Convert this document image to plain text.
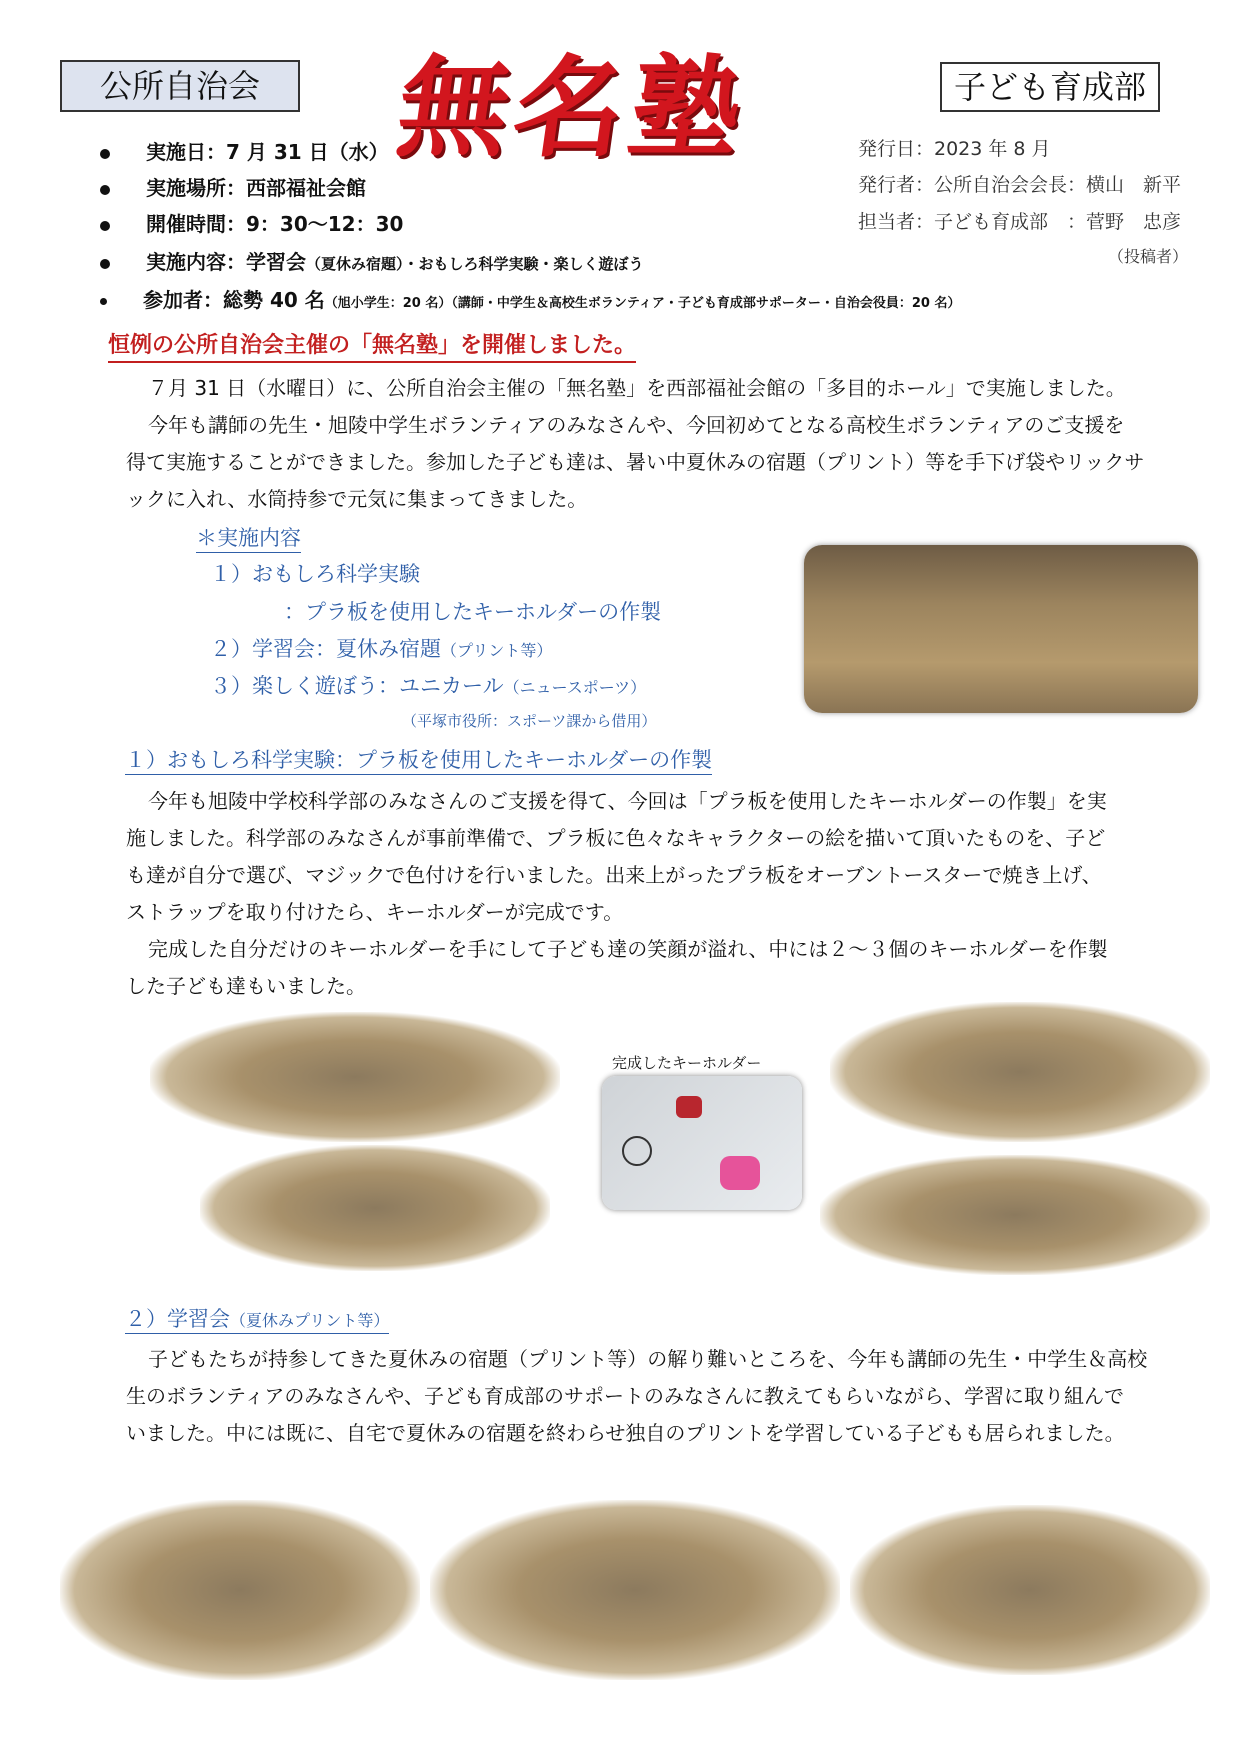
公所自治会	無名塾	子ども育成部
発行日：2023 年 8 月
発行者：公所自治会会長：横山　新平
担当者：子ども育成部　：菅野　忠彦
（投稿者）
実施日：7 月 31 日（水）
実施場所：西部福祉会館
開催時間：9：30〜12：30
実施内容：学習会（夏休み宿題）・おもしろ科学実験・楽しく遊ぼう
参加者：総勢 40 名（旭小学生：20 名）（講師・中学生＆高校生ボランティア・子ども育成部サポーター・自治会役員：20 名）
恒例の公所自治会主催の「無名塾」を開催しました。
７月 31 日（水曜日）に、公所自治会主催の「無名塾」を西部福祉会館の「多目的ホール」で実施しました。
今年も講師の先生・旭陵中学生ボランティアのみなさんや、今回初めてとなる高校生ボランティアのご支援を
得て実施することができました。参加した子ども達は、暑い中夏休みの宿題（プリント）等を手下げ袋やリックサ
ックに入れ、水筒持参で元気に集まってきました。
＊実施内容
１）おもしろ科学実験
：プラ板を使用したキーホルダーの作製
２）学習会：夏休み宿題（プリント等）
３）楽しく遊ぼう：ユニカール（ニュースポーツ）
（平塚市役所：スポーツ課から借用）
１）おもしろ科学実験：プラ板を使用したキーホルダーの作製
今年も旭陵中学校科学部のみなさんのご支援を得て、今回は「プラ板を使用したキーホルダーの作製」を実
施しました。科学部のみなさんが事前準備で、プラ板に色々なキャラクターの絵を描いて頂いたものを、子ど
も達が自分で選び、マジックで色付けを行いました。出来上がったプラ板をオーブントースターで焼き上げ、
ストラップを取り付けたら、キーホルダーが完成です。
完成した自分だけのキーホルダーを手にして子ども達の笑顔が溢れ、中には２〜３個のキーホルダーを作製
した子ども達もいました。
完成したキーホルダー
２）学習会（夏休みプリント等）
子どもたちが持参してきた夏休みの宿題（プリント等）の解り難いところを、今年も講師の先生・中学生＆高校
生のボランティアのみなさんや、子ども育成部のサポートのみなさんに教えてもらいながら、学習に取り組んで
いました。中には既に、自宅で夏休みの宿題を終わらせ独自のプリントを学習している子どもも居られました。
